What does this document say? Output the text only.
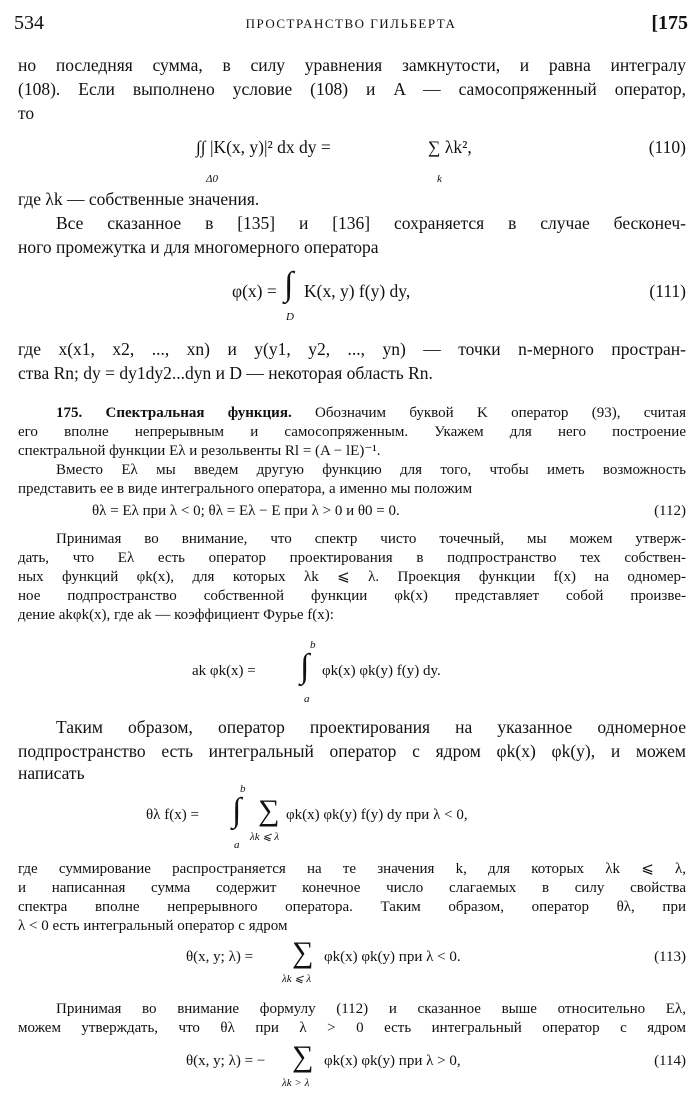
534	ПРОСТРАНСТВО ГИЛЬБЕРТА	[175
но последняя сумма, в силу уравнения замкнутости, и равна интегралу
(108). Если выполнено условие (108) и A — самосопряженный оператор,
то
∫∫ |K(x, y)|² dx dy =
Δ0
∑ λk²,
k
(110)
где λk — собственные значения.
Все сказанное в [135] и [136] сохраняется в случае бесконеч-
ного промежутка и для многомерного оператора
φ(x) = ∫ K(x, y) f(y) dy,
D
(111)
где x(x1, x2, ..., xn) и y(y1, y2, ..., yn) — точки n-мерного простран-
ства Rn; dy = dy1dy2...dyn и D — некоторая область Rn.
175. Спектральная функция. Обозначим буквой K оператор (93), считая
его вполне непрерывным и самосопряженным. Укажем для него построение
спектральной функции Eλ и резольвенты Rl = (A − lE)⁻¹.
Вместо Eλ мы введем другую функцию для того, чтобы иметь возможность
представить ее в виде интегрального оператора, а именно мы положим
θλ = Eλ при λ < 0; θλ = Eλ − E при λ > 0 и θ0 = 0.	(112)
Принимая во внимание, что спектр чисто точечный, мы можем утверж-
дать, что Eλ есть оператор проектирования в подпространство тех собствен-
ных функций φk(x), для которых λk ⩽ λ. Проекция функции f(x) на одномер-
ное подпространство собственной функции φk(x) представляет собой произве-
дение akφk(x), где ak — коэффициент Фурье f(x):
ak φk(x) =
b
∫
a
φk(x) φk(y) f(y) dy.
Таким образом, оператор проектирования на указанное одномерное
подпространство есть интегральный оператор с ядром φk(x) φk(y), и можем
написать
θλ f(x) =
b
∫
a
∑
λk ⩽ λ
φk(x) φk(y) f(y) dy при λ < 0,
где суммирование распространяется на те значения k, для которых λk ⩽ λ,
и написанная сумма содержит конечное число слагаемых в силу свойства
спектра вполне непрерывного оператора. Таким образом, оператор θλ, при
λ < 0 есть интегральный оператор с ядром
θ(x, y; λ) = ∑
λk ⩽ λ
φk(x) φk(y) при λ < 0.	(113)
Принимая во внимание формулу (112) и сказанное выше относительно Eλ,
можем утверждать, что θλ при λ > 0 есть интегральный оператор с ядром
θ(x, y; λ) = − ∑
λk > λ
φk(x) φk(y) при λ > 0,	(114)
